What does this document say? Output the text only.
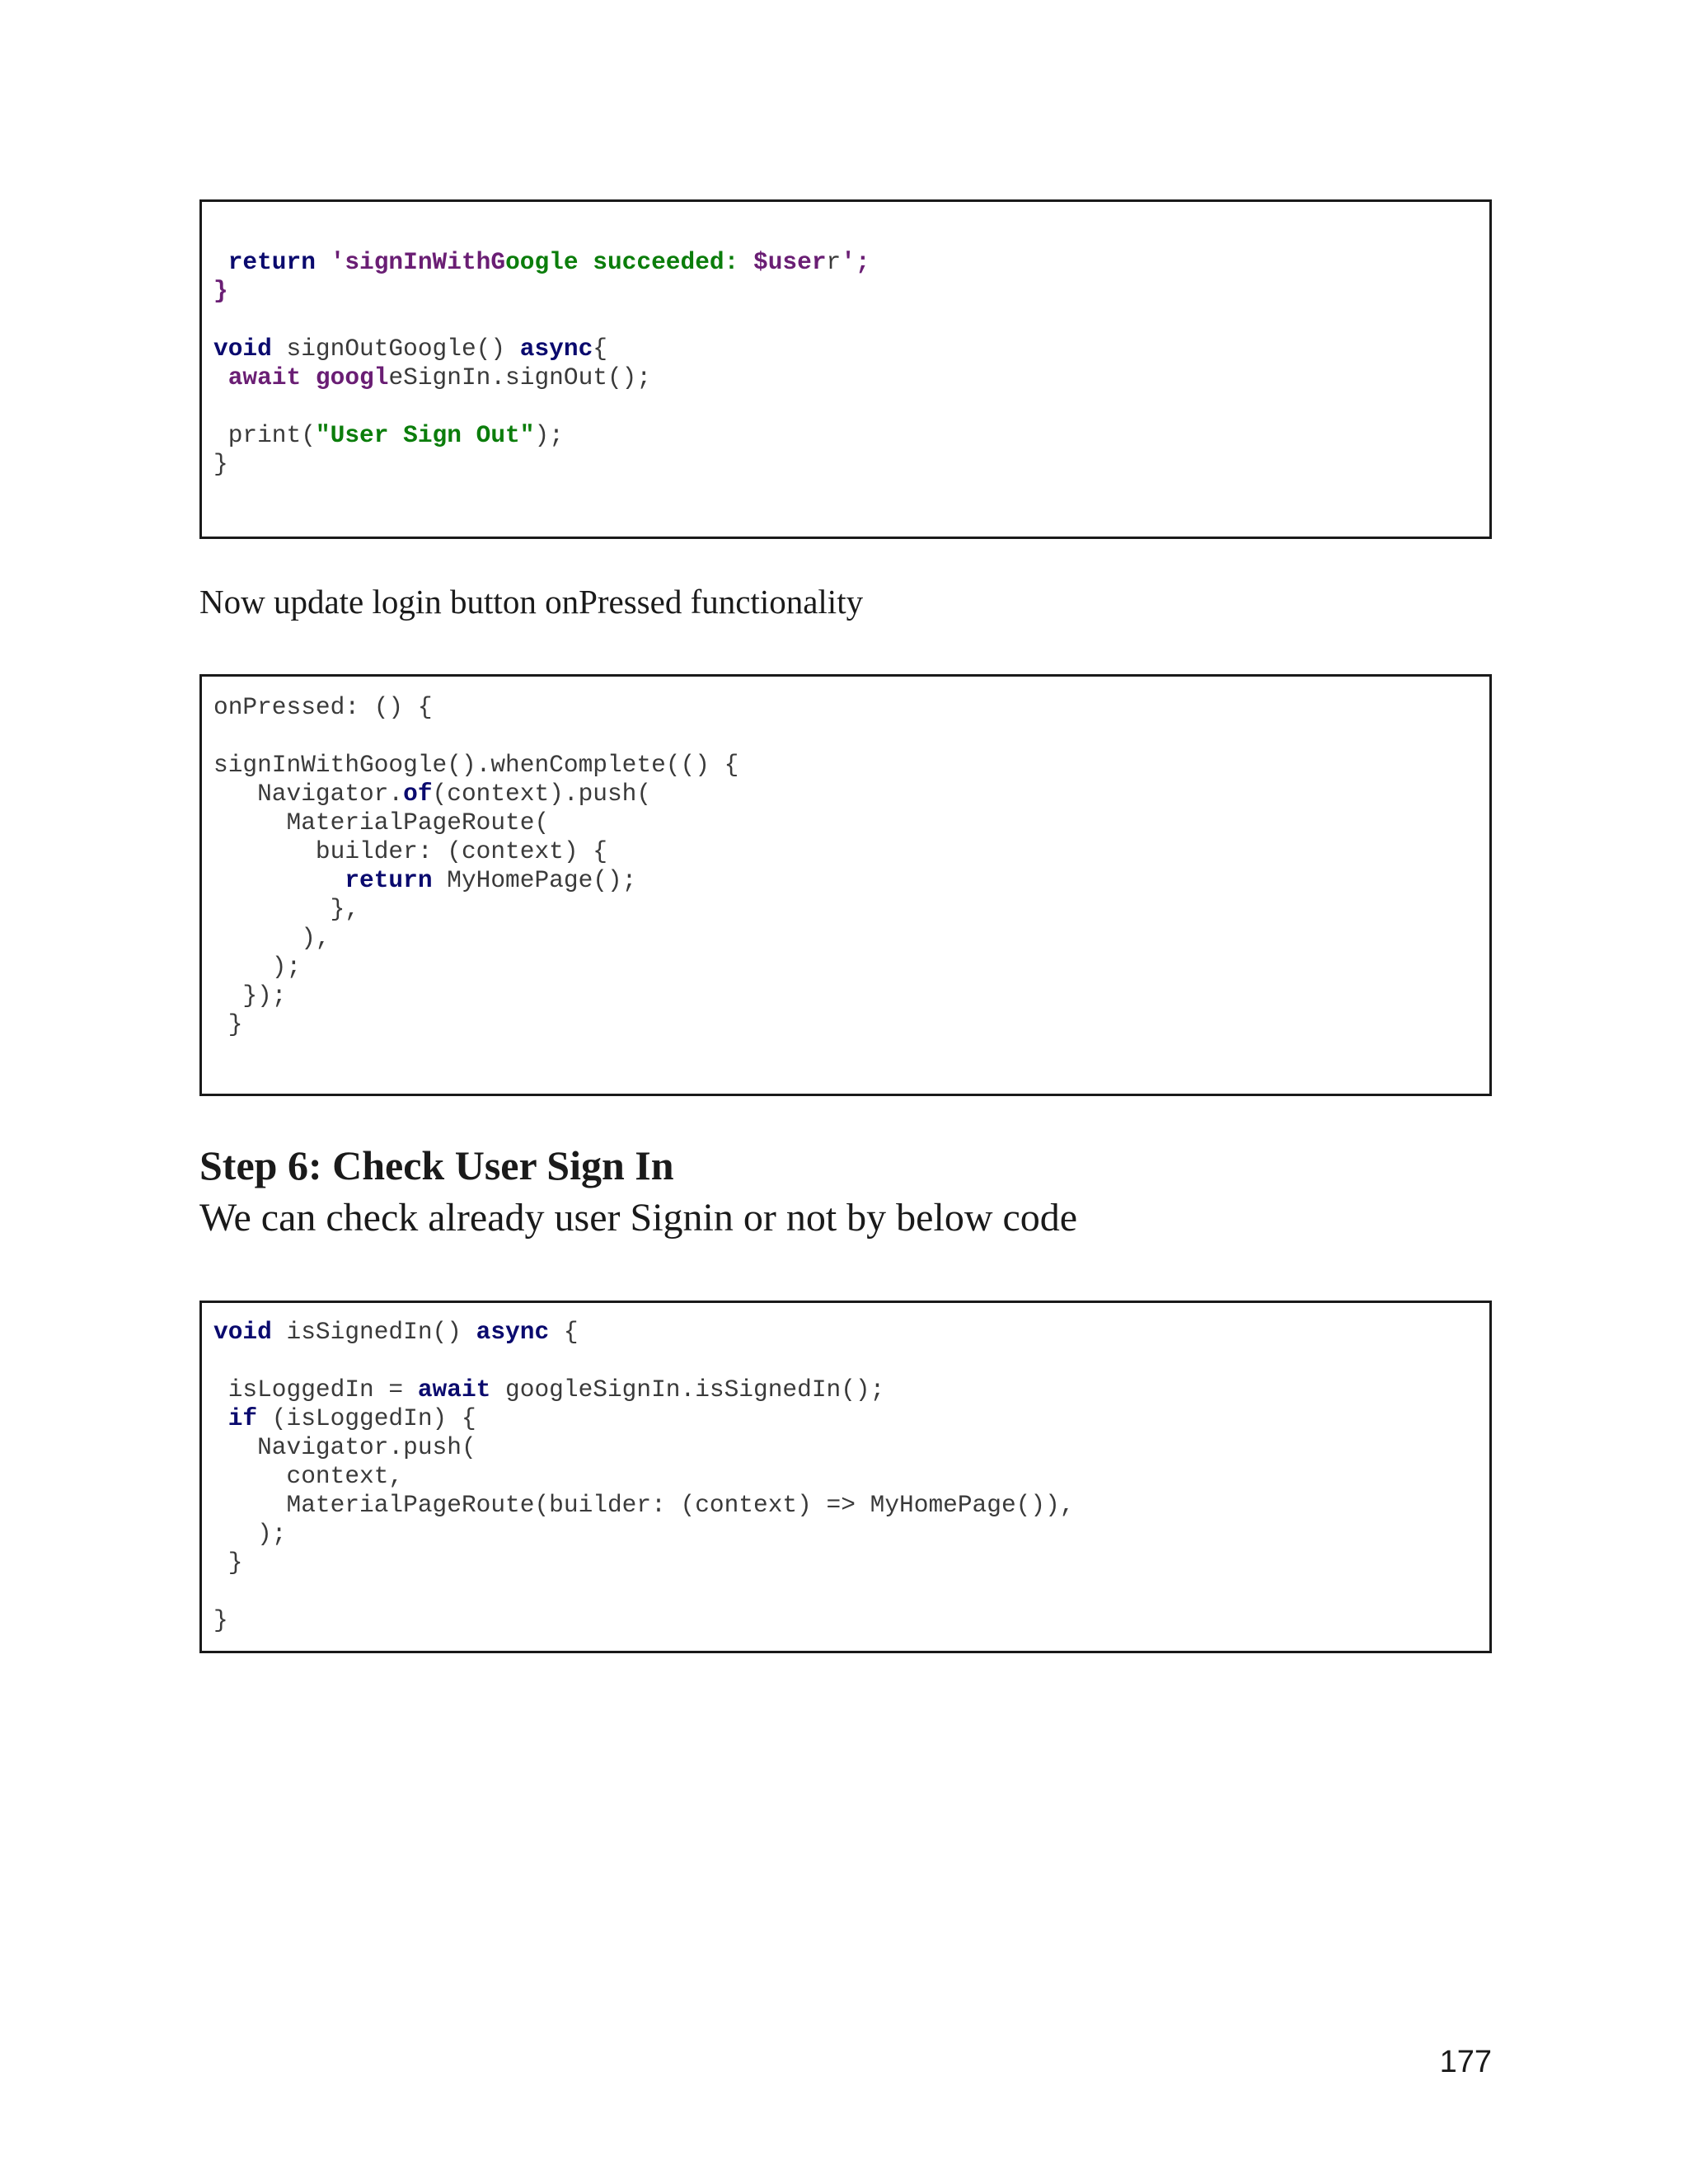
return 'signInWithGoogle succeeded: $userr';
}
void signOutGoogle() async{
await googleSignIn.signOut();
print("User Sign Out");
}

Now update login button onPressed functionality

onPressed: () {
signInWithGoogle().whenComplete(() {
Navigator.of(context).push(
MaterialPageRoute(
builder: (context) {
return MyHomePage();
},
),
);
});
}
Step 6: Check User Sign In

We can check already user Signin or not by below code

void isSignedIn() async {
isLoggedIn = await googleSignIn.isSignedIn();
if (isLoggedIn) {
Navigator.push(
context,
MaterialPageRoute(builder: (context) => MyHomePage()),
);
}
}
177
